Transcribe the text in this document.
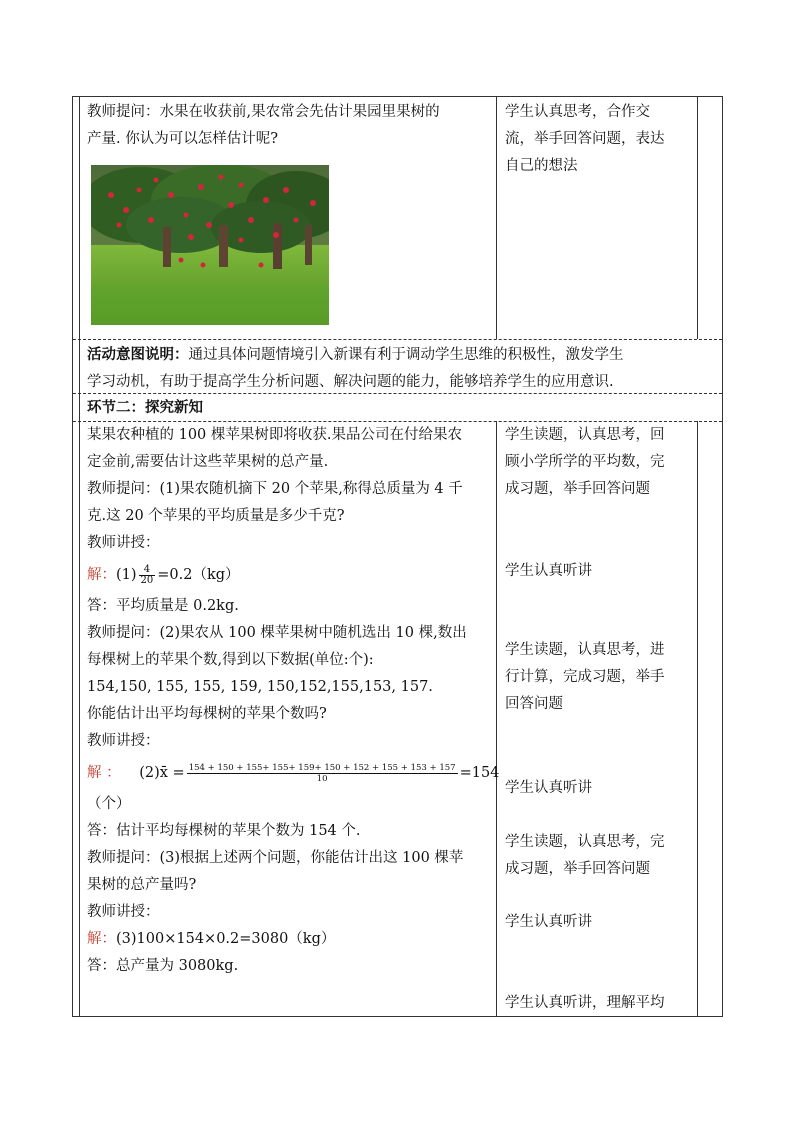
教师提问：水果在收获前,果农常会先估计果园里果树的
产量. 你认为可以怎样估计呢?
学生认真思考，合作交
流，举手回答问题，表达
自己的想法
活动意图说明：通过具体问题情境引入新课有利于调动学生思维的积极性，激发学生
学习动机，有助于提高学生分析问题、解决问题的能力，能够培养学生的应用意识.
环节二：探究新知
某果农种植的 100 棵苹果树即将收获.果品公司在付给果农
定金前,需要估计这些苹果树的总产量.
教师提问：(1)果农随机摘下 20 个苹果,称得总质量为 4 千
克.这 20 个苹果的平均质量是多少千克?
教师讲授：
解：$(1) \frac{4}{20} =0.2(kg)$
答：平均质量是 0.2kg.
教师提问：(2)果农从 100 棵苹果树中随机选出 10 棵,数出
每棵树上的苹果个数,得到以下数据(单位:个):
154,150, 155, 155, 159, 150,152,155,153, 157.
你能估计出平均每棵树的苹果个数吗?
教师讲授：
解 ： (2)x̄ = $\frac{154 + 150 + 155+ 155+ 159+ 150 + 152 + 155 + 153 + 157}{10} =154$
（个）
答：估计平均每棵树的苹果个数为 154 个.
教师提问：(3)根据上述两个问题，你能估计出这 100 棵苹
果树的总产量吗?
教师讲授：
解：(3)100×154×0.2=3080（kg）
答：总产量为 3080kg.
学生读题，认真思考，回
顾小学所学的平均数，完
成习题，举手回答问题
学生认真听讲
学生读题，认真思考，进
行计算，完成习题，举手
回答问题
学生认真听讲
学生读题，认真思考，完
成习题，举手回答问题
学生认真听讲
学生认真听讲，理解平均
